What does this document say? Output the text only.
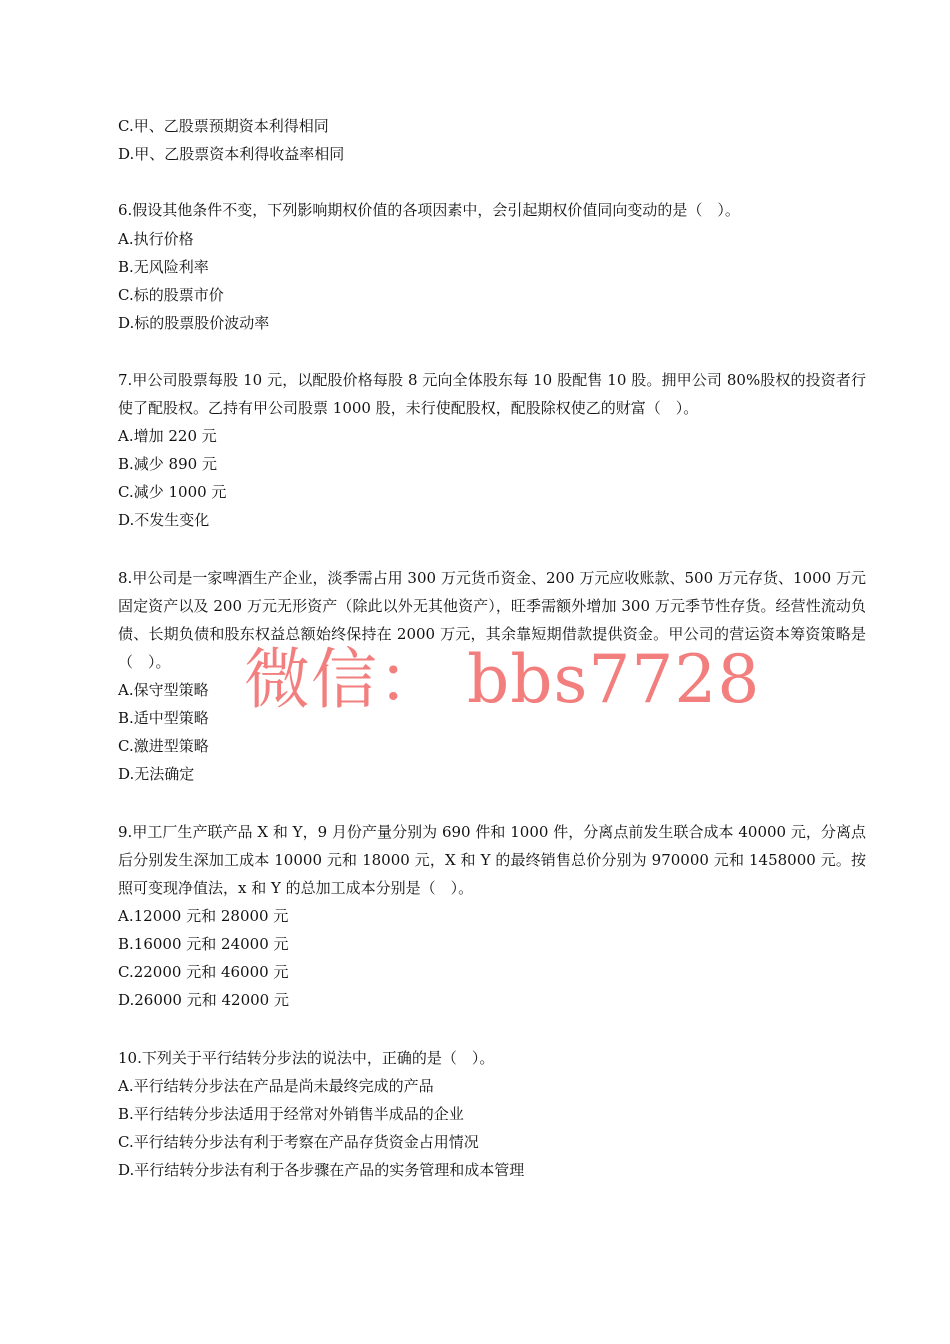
C.甲、乙股票预期资本利得相同
D.甲、乙股票资本利得收益率相同
6.假设其他条件不变，下列影响期权价值的各项因素中，会引起期权价值同向变动的是（　）。
A.执行价格
B.无风险利率
C.标的股票市价
D.标的股票股价波动率
7.甲公司股票每股 10 元，以配股价格每股 8 元向全体股东每 10 股配售 10 股。拥甲公司 80%股权的投资者行使了配股权。乙持有甲公司股票 1000 股，未行使配股权，配股除权使乙的财富（　）。
A.增加 220 元
B.减少 890 元
C.减少 1000 元
D.不发生变化
8.甲公司是一家啤酒生产企业，淡季需占用 300 万元货币资金、200 万元应收账款、500 万元存货、1000 万元固定资产以及 200 万元无形资产（除此以外无其他资产），旺季需额外增加 300 万元季节性存货。经营性流动负债、长期负债和股东权益总额始终保持在 2000 万元，其余靠短期借款提供资金。甲公司的营运资本筹资策略是（　）。
A.保守型策略
B.适中型策略
C.激进型策略
D.无法确定
9.甲工厂生产联产品 X 和 Y，9 月份产量分别为 690 件和 1000 件，分离点前发生联合成本 40000 元，分离点后分别发生深加工成本 10000 元和 18000 元，X 和 Y 的最终销售总价分别为 970000 元和 1458000 元。按照可变现净值法，x 和 Y 的总加工成本分别是（　）。
A.12000 元和 28000 元
B.16000 元和 24000 元
C.22000 元和 46000 元
D.26000 元和 42000 元
10.下列关于平行结转分步法的说法中，正确的是（　）。
A.平行结转分步法在产品是尚未最终完成的产品
B.平行结转分步法适用于经常对外销售半成品的企业
C.平行结转分步法有利于考察在产品存货资金占用情况
D.平行结转分步法有利于各步骤在产品的实务管理和成本管理
微信： bbs7728
